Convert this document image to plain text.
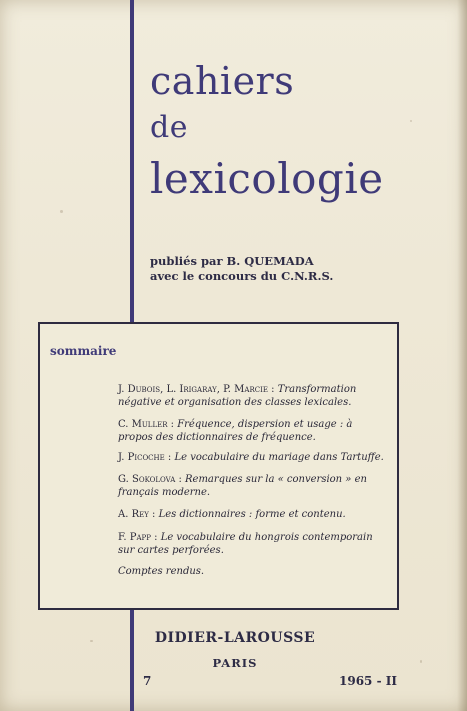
cahiers
de
lexicologie
publiés par B. QUEMADA
avec le concours du C.N.R.S.
sommaire
J. Dubois, L. Irigaray, P. Marcie : Transformation négative et organisation des classes lexicales.
C. Muller : Fréquence, dispersion et usage : à propos des dictionnaires de fréquence.
J. Picoche : Le vocabulaire du mariage dans Tartuffe.
G. Sokolova : Remarques sur la « conversion » en français moderne.
A. Rey : Les dictionnaires : forme et contenu.
F. Papp : Le vocabulaire du hongrois contemporain sur cartes perforées.
Comptes rendus.
DIDIER-LAROUSSE
PARIS
7	1965 - II
